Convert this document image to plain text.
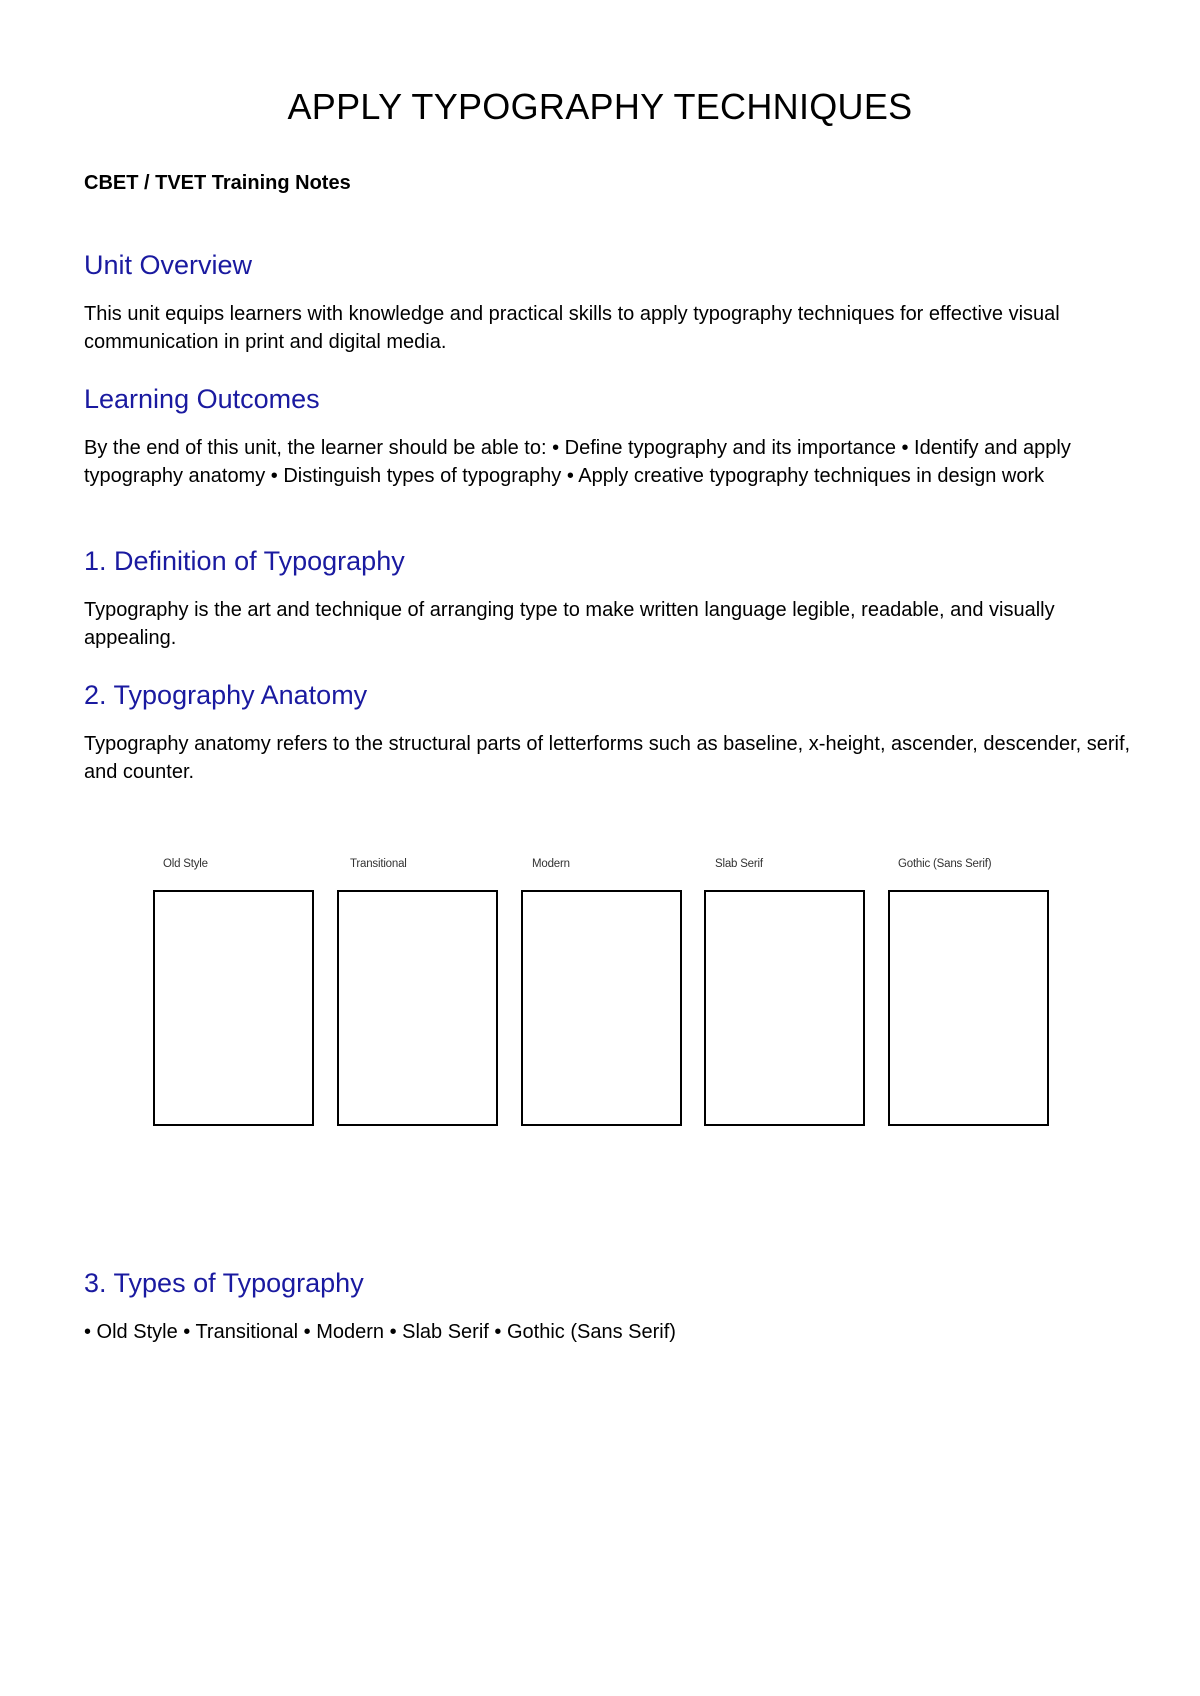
APPLY TYPOGRAPHY TECHNIQUES
CBET / TVET Training Notes
Unit Overview

This unit equips learners with knowledge and practical skills to apply typography techniques for effective visual communication in print and digital media.

Learning Outcomes

By the end of this unit, the learner should be able to: • Define typography and its importance • Identify and apply typography anatomy • Distinguish types of typography • Apply creative typography techniques in design work

1. Definition of Typography

Typography is the art and technique of arranging type to make written language legible, readable, and visually appealing.

2. Typography Anatomy

Typography anatomy refers to the structural parts of letterforms such as baseline, x-height, ascender, descender, serif, and counter.

Old Style	Transitional	Modern	Slab Serif	Gothic (Sans Serif)
3. Types of Typography

• Old Style • Transitional • Modern • Slab Serif • Gothic (Sans Serif)
